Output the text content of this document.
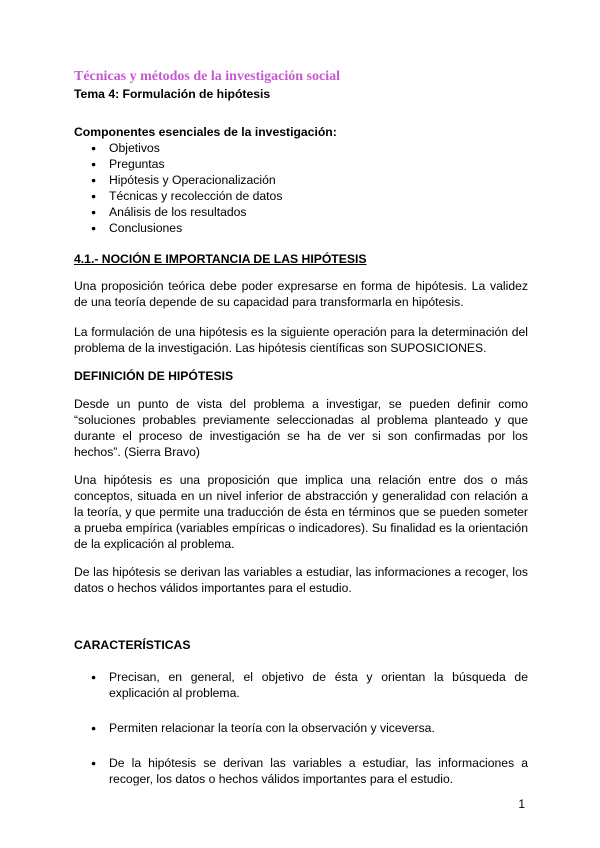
Técnicas y métodos de la investigación social
Tema 4: Formulación de hipótesis
Componentes esenciales de la investigación:
● Objetivos
● Preguntas
● Hipótesis y Operacionalización
● Técnicas y recolección de datos
● Análisis de los resultados
● Conclusiones
4.1.- NOCIÓN E IMPORTANCIA DE LAS HIPÓTESIS

Una proposición teórica debe poder expresarse en forma de hipótesis. La validez de una teoría depende de su capacidad para transformarla en hipótesis.

La formulación de una hipótesis es la siguiente operación para la determinación del problema de la investigación. Las hipótesis científicas son SUPOSICIONES.

DEFINICIÓN DE HIPÓTESIS

Desde un punto de vista del problema a investigar, se pueden definir como “soluciones probables previamente seleccionadas al problema planteado y que durante el proceso de investigación se ha de ver si son confirmadas por los hechos”. (Sierra Bravo)

Una hipótesis es una proposición que implica una relación entre dos o más conceptos, situada en un nivel inferior de abstracción y generalidad con relación a la teoría, y que permite una traducción de ésta en términos que se pueden someter a prueba empírica (variables empíricas o indicadores). Su finalidad es la orientación de la explicación al problema.

De las hipótesis se derivan las variables a estudiar, las informaciones a recoger, los datos o hechos válidos importantes para el estudio.

CARACTERÍSTICAS
● Precisan, en general, el objetivo de ésta y orientan la búsqueda de explicación al problema.
● Permiten relacionar la teoría con la observación y viceversa.
● De la hipótesis se derivan las variables a estudiar, las informaciones a recoger, los datos o hechos válidos importantes para el estudio.
1
